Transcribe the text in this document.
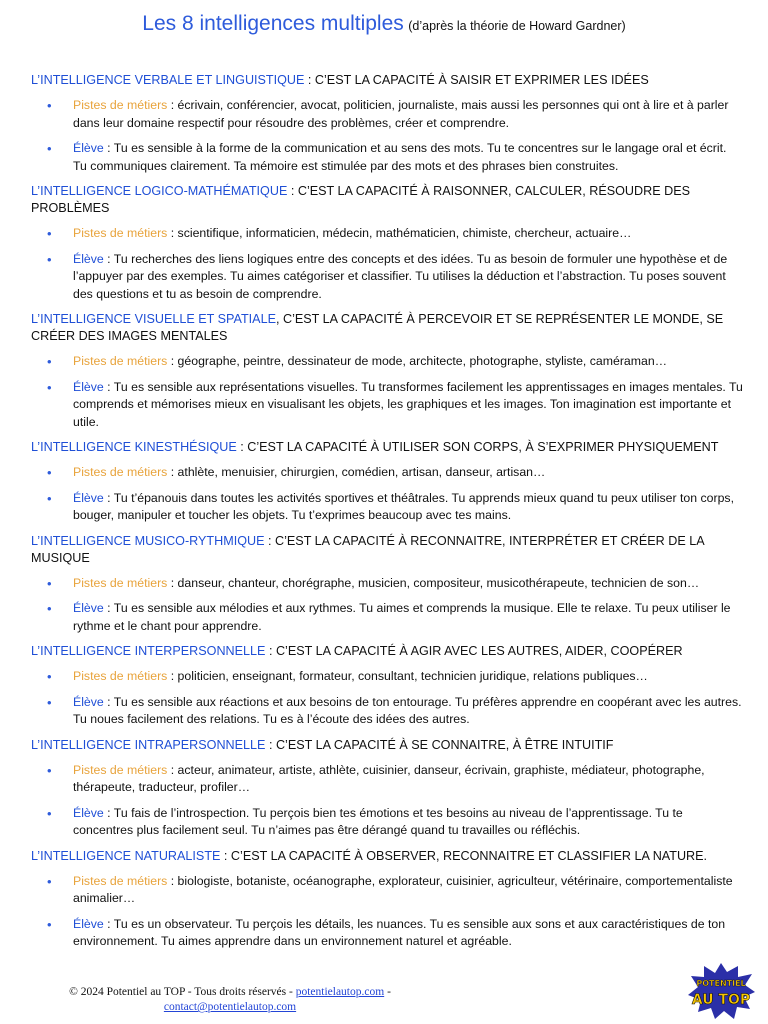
Les 8 intelligences multiples (d’après la théorie de Howard Gardner)
L’INTELLIGENCE VERBALE ET LINGUISTIQUE : C’EST LA CAPACITÉ À SAISIR ET EXPRIMER LES IDÉES
• Pistes de métiers : écrivain, conférencier, avocat, politicien, journaliste, mais aussi les personnes qui ont à lire et à parler dans leur domaine respectif pour résoudre des problèmes, créer et comprendre.
• Élève : Tu es sensible à la forme de la communication et au sens des mots. Tu te concentres sur le langage oral et écrit. Tu communiques clairement. Ta mémoire est stimulée par des mots et des phrases bien construites.
L’INTELLIGENCE LOGICO-MATHÉMATIQUE : C’EST LA CAPACITÉ À RAISONNER, CALCULER, RÉSOUDRE DES PROBLÈMES
• Pistes de métiers : scientifique, informaticien, médecin, mathématicien, chimiste, chercheur, actuaire…
• Élève : Tu recherches des liens logiques entre des concepts et des idées. Tu as besoin de formuler une hypothèse et de l’appuyer par des exemples. Tu aimes catégoriser et classifier. Tu utilises la déduction et l’abstraction. Tu poses souvent des questions et tu as besoin de comprendre.
L’INTELLIGENCE VISUELLE ET SPATIALE, C’EST LA CAPACITÉ À PERCEVOIR ET SE REPRÉSENTER LE MONDE, SE CRÉER DES IMAGES MENTALES
• Pistes de métiers : géographe, peintre, dessinateur de mode, architecte, photographe, styliste, caméraman…
• Élève : Tu es sensible aux représentations visuelles. Tu transformes facilement les apprentissages en images mentales. Tu comprends et mémorises mieux en visualisant les objets, les graphiques et les images. Ton imagination est importante et utile.
L’INTELLIGENCE KINESTHÉSIQUE : C’EST LA CAPACITÉ À UTILISER SON CORPS, À S’EXPRIMER PHYSIQUEMENT
• Pistes de métiers : athlète, menuisier, chirurgien, comédien, artisan, danseur, artisan…
• Élève : Tu t’épanouis dans toutes les activités sportives et théâtrales. Tu apprends mieux quand tu peux utiliser ton corps, bouger, manipuler et toucher les objets. Tu t’exprimes beaucoup avec tes mains.
L’INTELLIGENCE MUSICO-RYTHMIQUE : C’EST LA CAPACITÉ À RECONNAITRE, INTERPRÉTER ET CRÉER DE LA MUSIQUE
• Pistes de métiers : danseur, chanteur, chorégraphe, musicien, compositeur, musicothérapeute, technicien de son…
• Élève : Tu es sensible aux mélodies et aux rythmes. Tu aimes et comprends la musique. Elle te relaxe. Tu peux utiliser le rythme et le chant pour apprendre.
L’INTELLIGENCE INTERPERSONNELLE : C’EST LA CAPACITÉ À AGIR AVEC LES AUTRES, AIDER, COOPÉRER
• Pistes de métiers : politicien, enseignant, formateur, consultant, technicien juridique, relations publiques…
• Élève : Tu es sensible aux réactions et aux besoins de ton entourage. Tu préfères apprendre en coopérant avec les autres. Tu noues facilement des relations. Tu es à l’écoute des idées des autres.
L’INTELLIGENCE INTRAPERSONNELLE : C’EST LA CAPACITÉ À SE CONNAITRE, À ÊTRE INTUITIF
• Pistes de métiers : acteur, animateur, artiste, athlète, cuisinier, danseur, écrivain, graphiste, médiateur, photographe, thérapeute, traducteur, profiler…
• Élève : Tu fais de l’introspection. Tu perçois bien tes émotions et tes besoins au niveau de l’apprentissage. Tu te concentres plus facilement seul. Tu n’aimes pas être dérangé quand tu travailles ou réfléchis.
L’INTELLIGENCE NATURALISTE : C’EST LA CAPACITÉ À OBSERVER, RECONNAITRE ET CLASSIFIER LA NATURE.
• Pistes de métiers : biologiste, botaniste, océanographe, explorateur, cuisinier, agriculteur, vétérinaire, comportementaliste animalier…
• Élève : Tu es un observateur. Tu perçois les détails, les nuances. Tu es sensible aux sons et aux caractéristiques de ton environnement. Tu aimes apprendre dans un environnement naturel et agréable.
© 2024 Potentiel au TOP - Tous droits réservés - potentielautop.com -
contact@potentielautop.com
POTENTIEL
AU TOP
